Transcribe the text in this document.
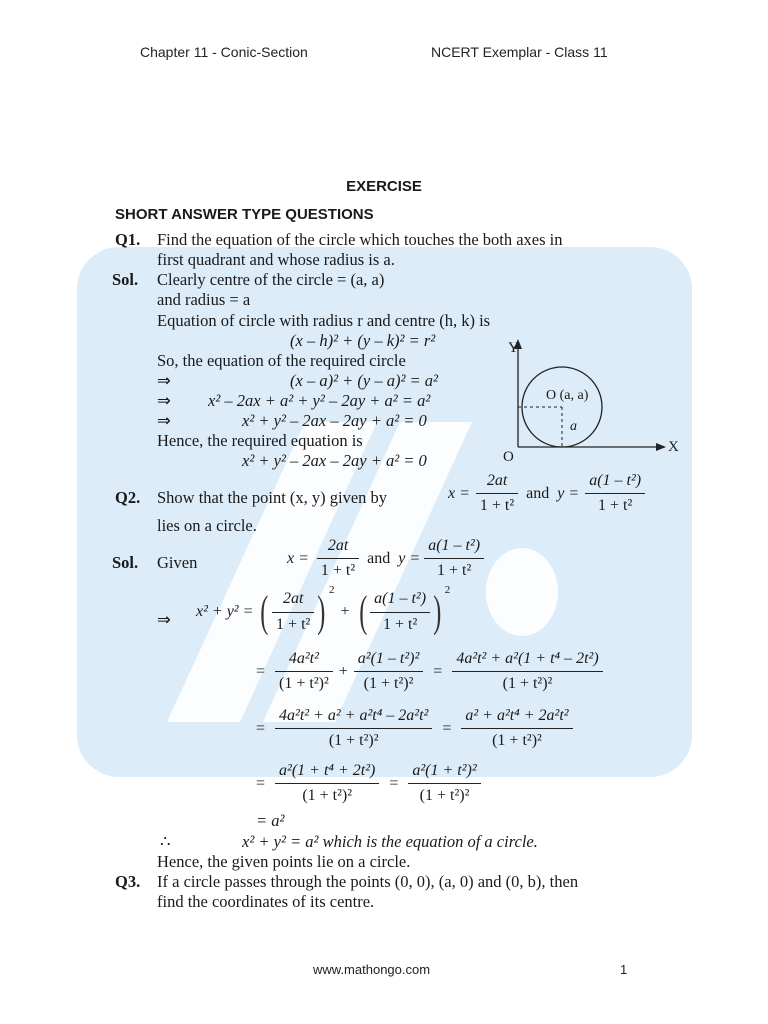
Chapter 11 - Conic-Section	NCERT Exemplar - Class 11
EXERCISE
SHORT ANSWER TYPE QUESTIONS
Q1. Find the equation of the circle which touches the both axes in
first quadrant and whose radius is a.
Sol. Clearly centre of the circle = (a, a)
and radius = a
Equation of circle with radius r and centre (h, k) is
(x – h)² + (y – k)² = r²
So, the equation of the required circle
⇒	(x – a)² + (y – a)² = a²
⇒ x² – 2ax + a² + y² – 2ay + a² = a²
⇒	x² + y² – 2ax – 2ay + a² = 0
Hence, the required equation is
x² + y² – 2ax – 2ay + a² = 0
Y
X
O
O (a, a)
a
Q2. Show that the point (x, y) given by	$x = \frac{2at}{\text{1 + t²}}$ and $y = \frac{\text{a(1 – t²)}}{\text{1 + t²}}$
lies on a circle.
Sol. Given	$x = \frac{2at}{\text{1 + t²}}$ and $y = \frac{\text{a(1 – t²)}}{\text{1 + t²}}$
⇒ x² + y² = ( 2at
1 + t² ) 2
+ ( a(1 – t²)
1 + t² ) 2
= $\frac{\text{4a²t²}}{\text{(1 + t²)²}} + \frac{\text{a²(1 – t²)²}}{\text{(1 + t²)²}} = \frac{\text{4a²t² + a²(1 + t⁴ – 2t²)}}{\text{(1 + t²)²}}$
= $\frac{\text{4a²t² + a² + a²t⁴ – 2a²t²}}{\text{(1 + t²)²}} = \frac{\text{a² + a²t⁴ + 2a²t²}}{\text{(1 + t²)²}}$
= $\frac{\text{a²(1 + t⁴ + 2t²)}}{\text{(1 + t²)²}} = \frac{\text{a²(1 + t²)²}}{\text{(1 + t²)²}}$
= a²
∴	x² + y² = a² which is the equation of a circle.
Hence, the given points lie on a circle.
Q3. If a circle passes through the points (0, 0), (a, 0) and (0, b), then
find the coordinates of its centre.
www.mathongo.com	1
